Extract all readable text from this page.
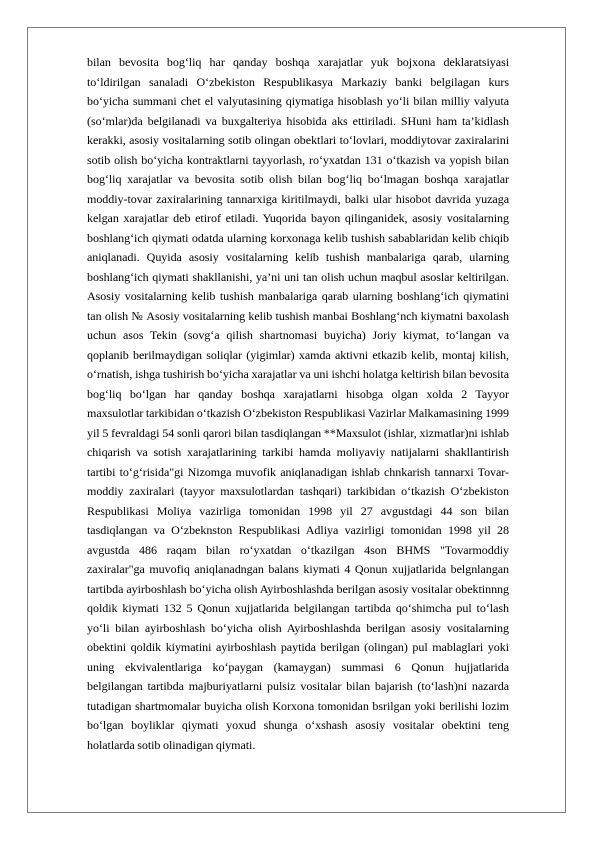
bilan bevosita bog‘liq har qanday boshqa xarajatlar yuk bojxona deklaratsiyasi to‘ldirilgan sanaladi O‘zbekiston Respublikasya Markaziy banki belgilagan kurs bo‘yicha summani chet el valyutasining qiymatiga hisoblash yo‘li bilan milliy valyuta (so‘mlar)da belgilanadi va buxgalteriya hisobida aks ettiriladi. SHuni ham ta’kidlash kerakki, asosiy vositalarning sotib olingan obektlari to‘lovlari, moddiytovar zaxiralarini sotib olish bo‘yicha kontraktlarni tayyorlash, ro‘yxatdan 131 o‘tkazish va yopish bilan bog‘liq xarajatlar va bevosita sotib olish bilan bog‘liq bo‘lmagan boshqa xarajatlar moddiy-tovar zaxiralarining tannarxiga kiritilmaydi, balki ular hisobot davrida yuzaga kelgan xarajatlar deb etirof etiladi. Yuqorida bayon qilinganidek, asosiy vositalarning boshlang‘ich qiymati odatda ularning korxonaga kelib tushish sabablaridan kelib chiqib aniqlanadi. Quyida asosiy vositalarning kelib tushish manbalariga qarab, ularning boshlang‘ich qiymati shakllanishi, ya’ni uni tan olish uchun maqbul asoslar keltirilgan. Asosiy vositalarning kelib tushish manbalariga qarab ularning boshlang‘ich qiymatini tan olish № Asosiy vositalarning kelib tushish manbai Boshlang‘nch kiymatni baxolash uchun asos Tekin (sovg‘a qilish shartnomasi buyicha) Joriy kiymat, to‘langan va qoplanib berilmaydigan soliqlar (yigimlar) xamda aktivni etkazib kelib, montaj kilish, o‘rnatish, ishga tushirish bo‘yicha xarajatlar va uni ishchi holatga keltirish bilan bevosita bog‘liq bo‘lgan har qanday boshqa xarajatlarni hisobga olgan xolda 2 Tayyor maxsulotlar tarkibidan o‘tkazish O‘zbekiston Respublikasi Vazirlar Malkamasining 1999 yil 5 fevraldagi 54 sonli qarori bilan tasdiqlangan **Maxsulot (ishlar, xizmatlar)ni ishlab chiqarish va sotish xarajatlarining tarkibi hamda moliyaviy natijalarni shakllantirish tartibi to‘g‘risida"gi Nizomga muvofik aniqlanadigan ishlab chnkarish tannarxi Tovar-moddiy zaxiralari (tayyor maxsulotlardan tashqari) tarkibidan o‘tkazish O‘zbekiston Respublikasi Moliya vazirliga tomonidan 1998 yil 27 avgustdagi 44 son bilan tasdiqlangan va O‘zbeknston Respublikasi Adliya vazirligi tomonidan 1998 yil 28 avgustda 486 raqam bilan ro‘yxatdan o‘tkazilgan 4son BHMS "Tovarmoddiy zaxiralar"ga muvofiq aniqlanadngan balans kiymati 4 Qonun xujjatlarida belgnlangan tartibda ayirboshlash bo‘yicha olish Ayirboshlashda berilgan asosiy vositalar obektinnng qoldik kiymati 132 5 Qonun xujjatlarida belgilangan tartibda qo‘shimcha pul to‘lash yo‘li bilan ayirboshlash bo‘yicha olish Ayirboshlashda berilgan asosiy vositalarning obektini qoldik kiymatini ayirboshlash paytida berilgan (olingan) pul mablaglari yoki uning ekvivalentlariga ko‘paygan (kamaygan) summasi 6 Qonun hujjatlarida belgilangan tartibda majburiyatlarni pulsiz vositalar bilan bajarish (to‘lash)ni nazarda tutadigan shartmomalar buyicha olish Korxona tomonidan bsrilgan yoki berilishi lozim bo‘lgan boyliklar qiymati yoxud shunga o‘xshash asosiy vositalar obektini teng holatlarda sotib olinadigan qiymati.
